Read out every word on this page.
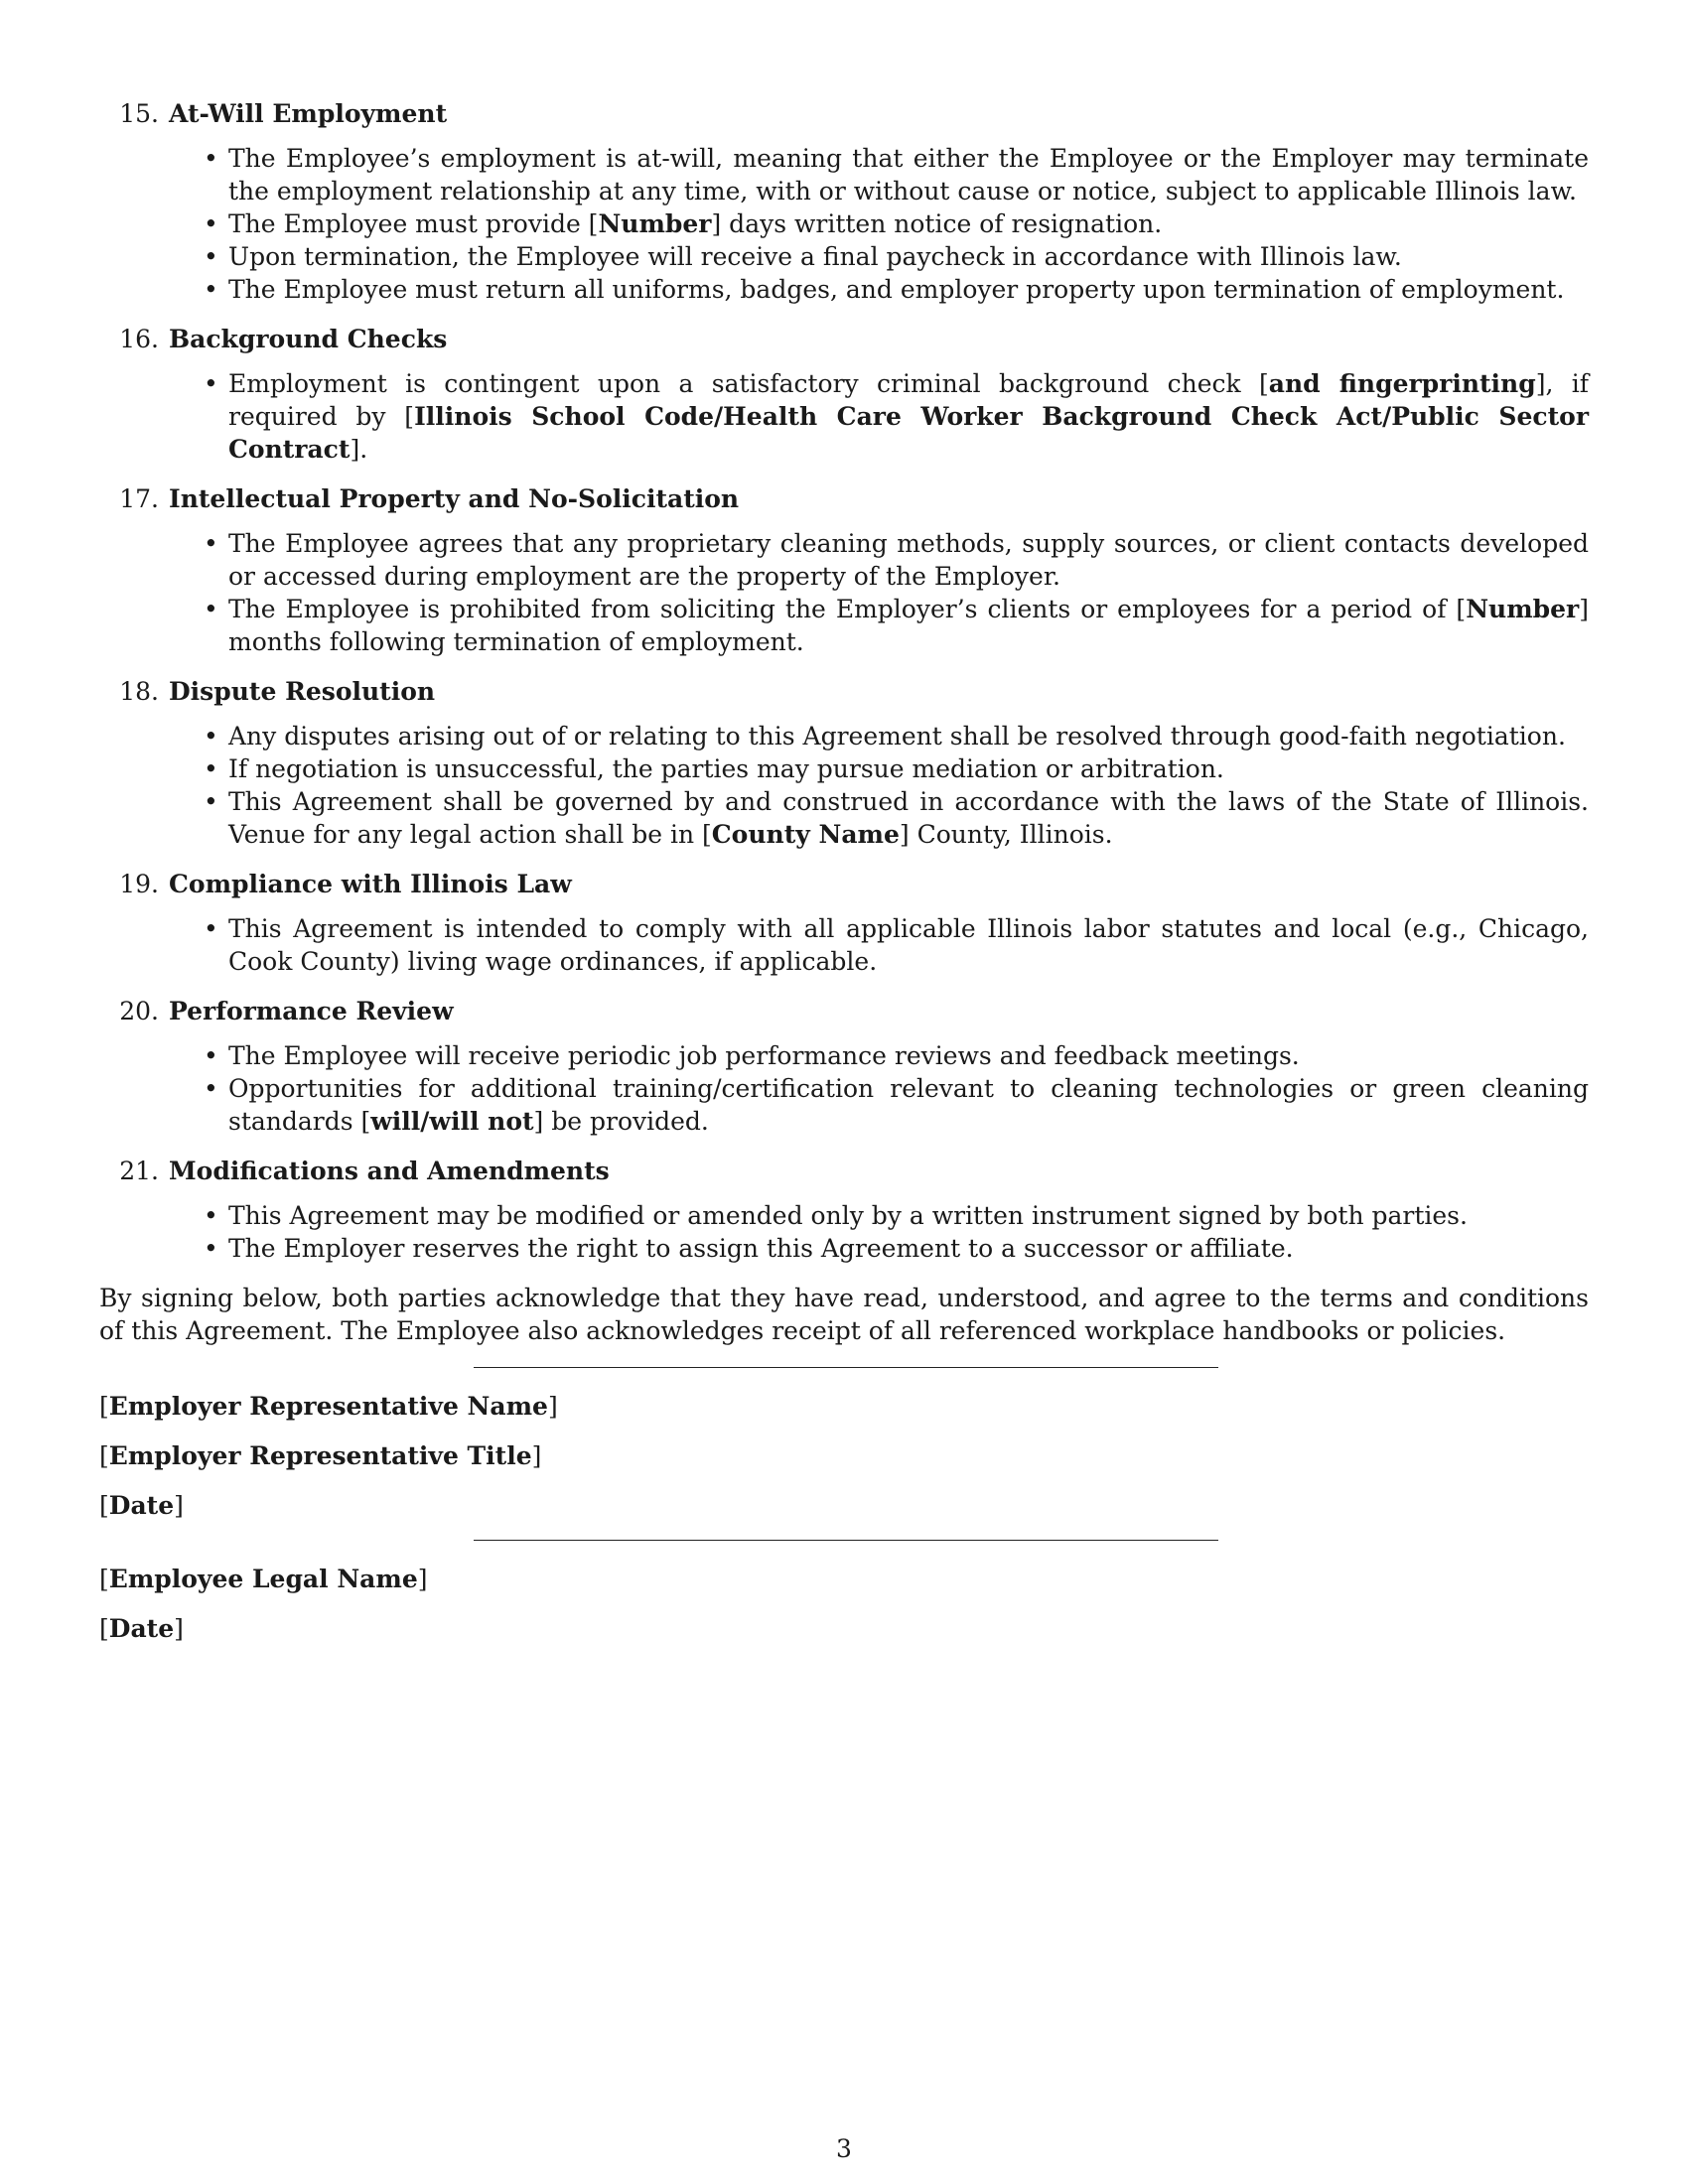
15. At-Will Employment
• The Employee’s employment is at-will, meaning that either the Employee or the Employer may terminate the employment relationship at any time, with or without cause or notice, subject to applicable Illinois law.
• The Employee must provide [Number] days written notice of resignation.
• Upon termination, the Employee will receive a final paycheck in accordance with Illinois law.
• The Employee must return all uniforms, badges, and employer property upon termination of employment.
16. Background Checks
• Employment is contingent upon a satisfactory criminal background check [and fingerprinting], if required by [Illinois School Code/Health Care Worker Background Check Act/Public Sector Contract].
17. Intellectual Property and No-Solicitation
• The Employee agrees that any proprietary cleaning methods, supply sources, or client contacts developed or accessed during employment are the property of the Employer.
• The Employee is prohibited from soliciting the Employer’s clients or employees for a period of [Number] months following termination of employment.
18. Dispute Resolution
• Any disputes arising out of or relating to this Agreement shall be resolved through good-faith negotiation.
• If negotiation is unsuccessful, the parties may pursue mediation or arbitration.
• This Agreement shall be governed by and construed in accordance with the laws of the State of Illinois. Venue for any legal action shall be in [County Name] County, Illinois.
19. Compliance with Illinois Law
• This Agreement is intended to comply with all applicable Illinois labor statutes and local (e.g., Chicago, Cook County) living wage ordinances, if applicable.
20. Performance Review
• The Employee will receive periodic job performance reviews and feedback meetings.
• Opportunities for additional training/certification relevant to cleaning technologies or green cleaning standards [will/will not] be provided.
21. Modifications and Amendments
• This Agreement may be modified or amended only by a written instrument signed by both parties.
• The Employer reserves the right to assign this Agreement to a successor or affiliate.

By signing below, both parties acknowledge that they have read, understood, and agree to the terms and conditions of this Agreement. The Employee also acknowledges receipt of all referenced workplace handbooks or policies.

[Employer Representative Name]
[Employer Representative Title]
[Date]
[Employee Legal Name]
[Date]
3
